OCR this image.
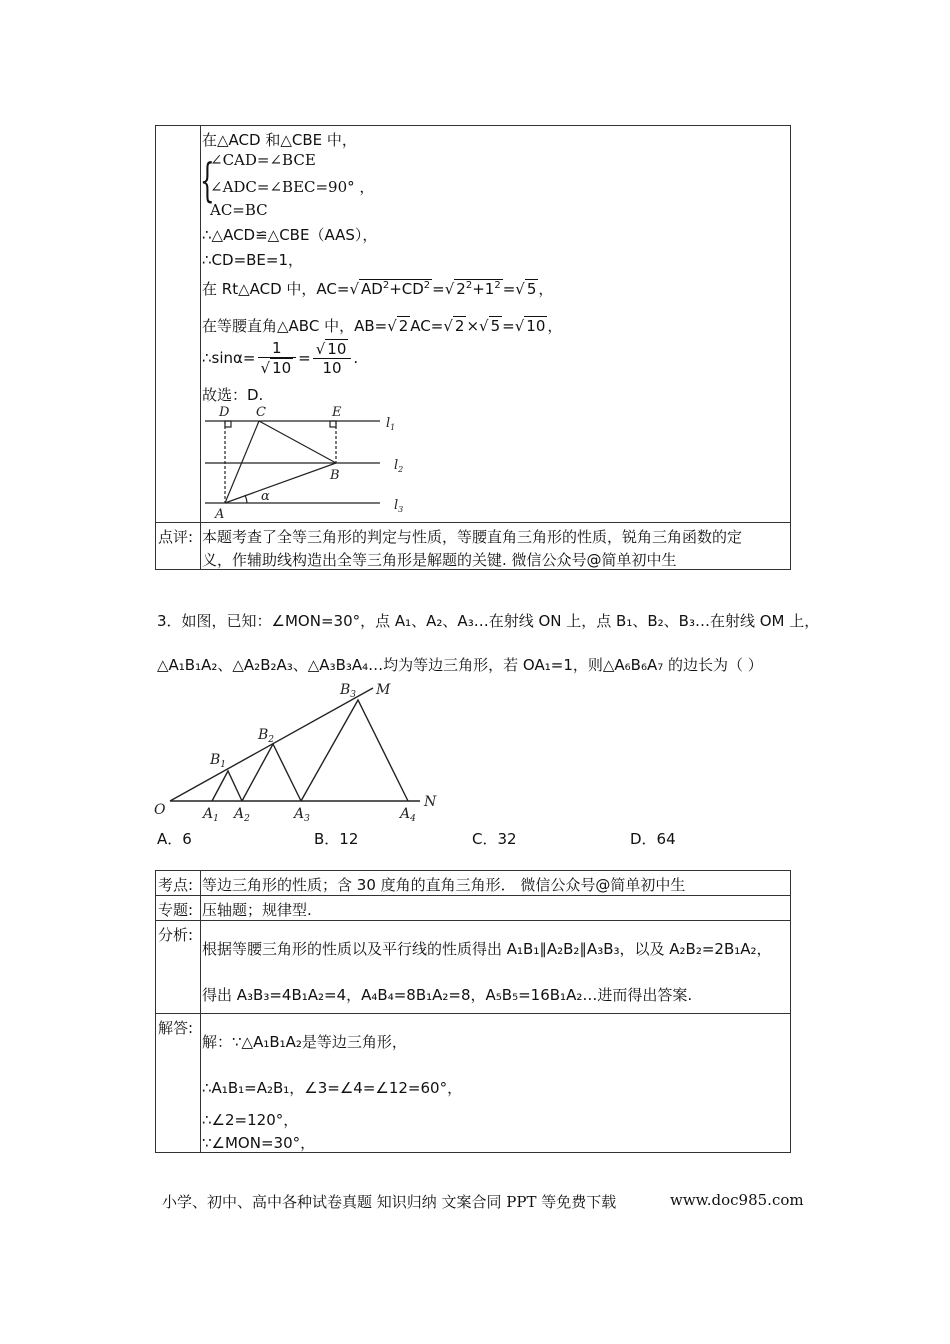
在△ACD 和△CBE 中，
{
∠CAD=∠BCE
∠ADC=∠BEC=90° ，
AC=BC
∴△ACD≌△CBE（AAS），
∴CD=BE=1，
在 Rt△ACD 中，AC=√ $AD^2+CD^2$ =√ $2^2+1^2$ =√ 5 ，
在等腰直角△ABC 中，AB=√ 2 AC=√ 2 ×√ 5 =√ 10 ，
∴sinα= $\frac{1}{√ 10} = \frac{√ 10}{10}$ .
故选：D.
D C	E
B
A
α
$l_1$
$l_2$
$l_3$
点评: 本题考查了全等三角形的判定与性质，等腰直角三角形的性质，锐角三角函数的定
义，作辅助线构造出全等三角形是解题的关键. 微信公众号@简单初中生
3．如图，已知：∠MON=30°，点 A₁、A₂、A₃…在射线 ON 上，点 B₁、B₂、B₃…在射线 OM 上，
△A₁B₁A₂、△A₂B₂A₃、△A₃B₃A₄…均为等边三角形，若 OA₁=1，则△A₆B₆A₇ 的边长为（ ）
O	N
M
$B_1$
$B_2$
$B_3$
$A_1$ $A_2$	$A_3$	$A_4$
A．6	B．12	C．32	D．64
考点: 等边三角形的性质；含 30 度角的直角三角形． 微信公众号@简单初中生
专题: 压轴题；规律型.
分析:
根据等腰三角形的性质以及平行线的性质得出 A₁B₁∥A₂B₂∥A₃B₃，以及 A₂B₂=2B₁A₂，
得出 A₃B₃=4B₁A₂=4，A₄B₄=8B₁A₂=8，A₅B₅=16B₁A₂…进而得出答案.
解答:
解：∵△A₁B₁A₂是等边三角形，
∴A₁B₁=A₂B₁，∠3=∠4=∠12=60°，
∴∠2=120°，
∵∠MON=30°，
小学、初中、高中各种试卷真题 知识归纳 文案合同 PPT 等免费下载	www.doc985.com
